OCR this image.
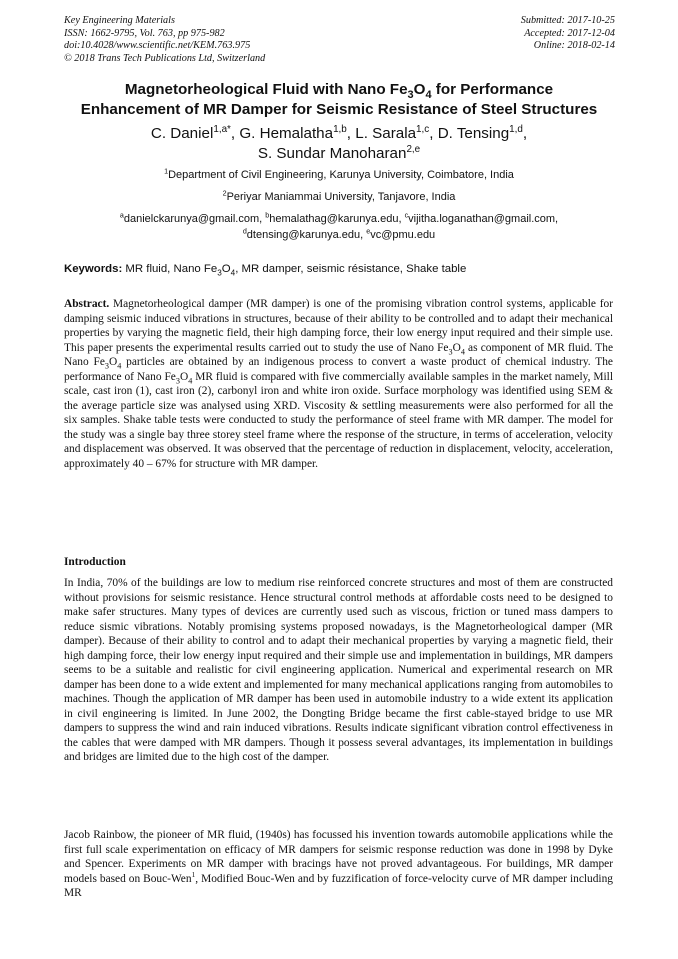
Key Engineering Materials
ISSN: 1662-9795, Vol. 763, pp 975-982
doi:10.4028/www.scientific.net/KEM.763.975
© 2018 Trans Tech Publications Ltd, Switzerland
Submitted: 2017-10-25
Accepted: 2017-12-04
Online: 2018-02-14
Magnetorheological Fluid with Nano $Fe_3O_4$ for Performance
Enhancement of MR Damper for Seismic Resistance of Steel Structures
C. Daniel$^{1,a*}$, G. Hemalatha$^{1,b}$, L. Sarala$^{1,c}$, D. Tensing$^{1,d}$,
S. Sundar Manoharan$^{2,e}$
$^1$Department of Civil Engineering, Karunya University, Coimbatore, India
$^2$Periyar Maniammai University, Tanjavore, India
$^a$danielckarunya@gmail.com, $^b$hemalathag@karunya.edu, $^c$vijitha.loganathan@gmail.com,
$^d$dtensing@karunya.edu, $^e$vc@pmu.edu
Keywords: MR fluid, Nano $Fe_3O_4$, MR damper, seismic résistance, Shake table
Abstract. Magnetorheological damper (MR damper) is one of the promising vibration control systems, applicable for damping seismic induced vibrations in structures, because of their ability to be controlled and to adapt their mechanical properties by varying the magnetic field, their high damping force, their low energy input required and their simple use. This paper presents the experimental results carried out to study the use of Nano $Fe_3O_4$ as component of MR fluid. The Nano $Fe_3O_4$ particles are obtained by an indigenous process to convert a waste product of chemical industry. The performance of Nano $Fe_3O_4$ MR fluid is compared with five commercially available samples in the market namely, Mill scale, cast iron (1), cast iron (2), carbonyl iron and white iron oxide. Surface morphology was identified using SEM & the average particle size was analysed using XRD. Viscosity & settling measurements were also performed for all the six samples. Shake table tests were conducted to study the performance of steel frame with MR damper. The model for the study was a single bay three storey steel frame where the response of the structure, in terms of acceleration, velocity and displacement was observed. It was observed that the percentage of reduction in displacement, velocity, acceleration, approximately 40 – 67% for structure with MR damper.
Introduction
In India, 70% of the buildings are low to medium rise reinforced concrete structures and most of them are constructed without provisions for seismic resistance. Hence structural control methods at affordable costs need to be designed to make safer structures. Many types of devices are currently used such as viscous, friction or tuned mass dampers to reduce sismic vibrations. Notably promising systems proposed nowadays, is the Magnetorheological damper (MR damper). Because of their ability to control and to adapt their mechanical properties by varying a magnetic field, their high damping force, their low energy input required and their simple use and implementation in buildings, MR dampers seems to be a suitable and realistic for civil engineering application. Numerical and experimental research on MR damper has been done to a wide extent and implemented for many mechanical applications ranging from automobiles to machines. Though the application of MR damper has been used in automobile industry to a wide extent its application in civil engineering is limited. In June 2002, the Dongting Bridge became the first cable-stayed bridge to use MR dampers to suppress the wind and rain induced vibrations. Results indicate significant vibration control effectiveness in the cables that were damped with MR dampers. Though it possess several advantages, its implementation in buildings and bridges are limited due to the high cost of the damper.
Jacob Rainbow, the pioneer of MR fluid, (1940s) has focussed his invention towards automobile applications while the first full scale experimentation on efficacy of MR dampers for seismic response reduction was done in 1998 by Dyke and Spencer. Experiments on MR damper with bracings have not proved advantageous. For buildings, MR damper models based on Bouc-Wen$^1$, Modified Bouc-Wen and by fuzzification of force-velocity curve of MR damper including MR
